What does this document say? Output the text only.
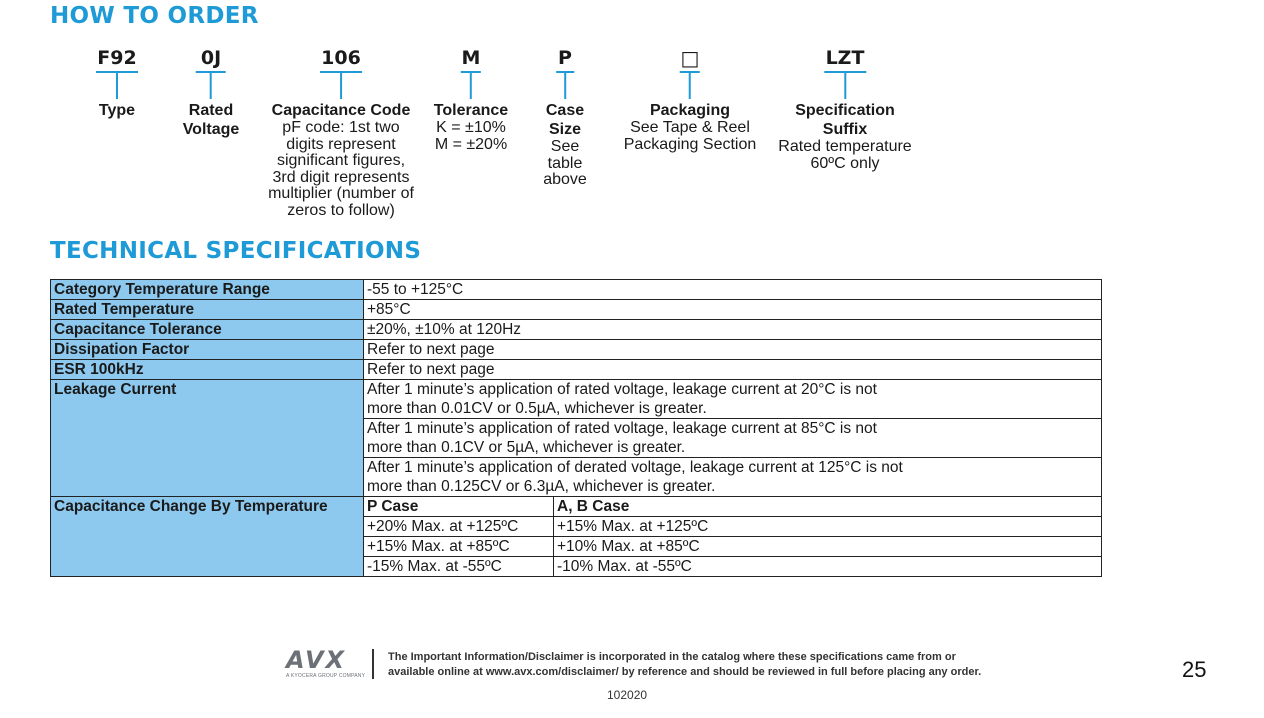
HOW TO ORDER
F92
Type
0J
Rated
Voltage
106
Capacitance Code
pF code: 1st two
digits represent
significant figures,
3rd digit represents
multiplier (number of
zeros to follow)
M
Tolerance
K = ±10%
M = ±20%
P
Case
Size
See
table
above
□
Packaging
See Tape & Reel
Packaging Section
LZT
Specification
Suffix
Rated temperature
60ºC only
TECHNICAL SPECIFICATIONS
Category Temperature Range	-55 to +125°C	
Rated Temperature	+85°C	
Capacitance Tolerance	±20%, ±10% at 120Hz	
Dissipation Factor	Refer to next page	
ESR 100kHz	Refer to next page	
Leakage Current	After 1 minute’s application of rated voltage, leakage current at 20°C is not
more than 0.01CV or 0.5µA, whichever is greater.	

	After 1 minute’s application of rated voltage, leakage current at 85°C is not
more than 0.1CV or 5µA, whichever is greater.	

	After 1 minute’s application of derated voltage, leakage current at 125°C is not
more than 0.125CV or 6.3µA, whichever is greater.	

Capacitance Change By Temperature	P Case	A, B Case
	+20% Max. at +125ºC	+15% Max. at +125ºC
	+15% Max. at +85ºC	+10% Max. at +85ºC
	-15% Max. at -55ºC	-10% Max. at -55ºC
AVX
A KYOCERA GROUP COMPANY
The Important Information/Disclaimer is incorporated in the catalog where these specifications came from or
available online at www.avx.com/disclaimer/ by reference and should be reviewed in full before placing any order.	25
102020
